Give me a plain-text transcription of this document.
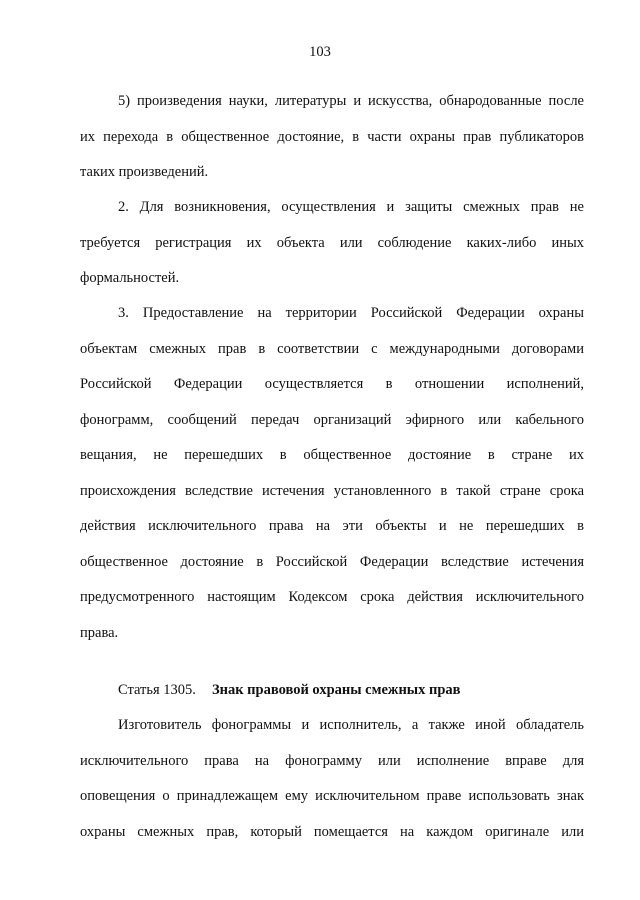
103
5) произведения науки, литературы и искусства, обнародованные после
их перехода в общественное достояние, в части охраны прав публикаторов
таких произведений.
2. Для возникновения, осуществления и защиты смежных прав не
требуется регистрация их объекта или соблюдение каких-либо иных
формальностей.
3. Предоставление на территории Российской Федерации охраны
объектам смежных прав в соответствии с международными договорами
Российской Федерации осуществляется в отношении исполнений,
фонограмм, сообщений передач организаций эфирного или кабельного
вещания, не перешедших в общественное достояние в стране их
происхождения вследствие истечения установленного в такой стране срока
действия исключительного права на эти объекты и не перешедших в
общественное достояние в Российской Федерации вследствие истечения
предусмотренного настоящим Кодексом срока действия исключительного
права.
Статья 1305. Знак правовой охраны смежных прав
Изготовитель фонограммы и исполнитель, а также иной обладатель
исключительного права на фонограмму или исполнение вправе для
оповещения о принадлежащем ему исключительном праве использовать знак
охраны смежных прав, который помещается на каждом оригинале или
